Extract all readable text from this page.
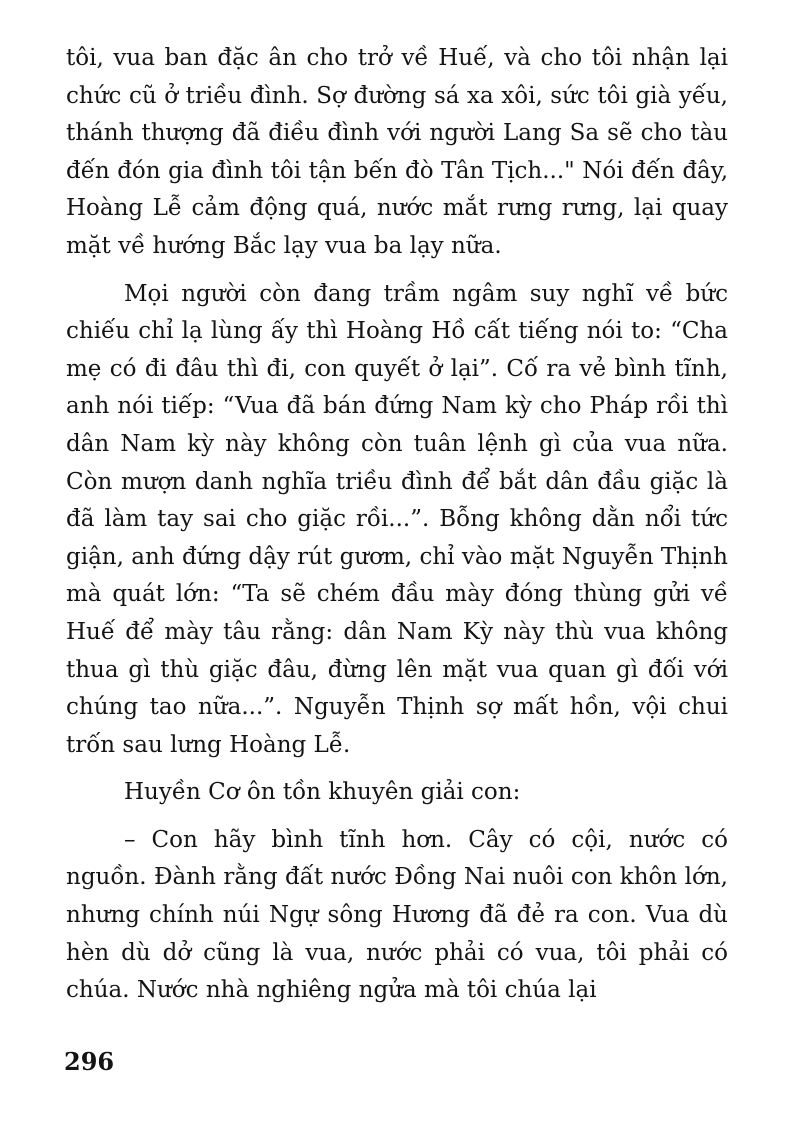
tôi, vua ban đặc ân cho trở về Huế, và cho tôi nhận lại chức cũ ở triều đình. Sợ đường sá xa xôi, sức tôi già yếu, thánh thượng đã điều đình với người Lang Sa sẽ cho tàu đến đón gia đình tôi tận bến đò Tân Tịch..." Nói đến đây, Hoàng Lễ cảm động quá, nước mắt rưng rưng, lại quay mặt về hướng Bắc lạy vua ba lạy nữa.

Mọi người còn đang trầm ngâm suy nghĩ về bức chiếu chỉ lạ lùng ấy thì Hoàng Hồ cất tiếng nói to: “Cha mẹ có đi đâu thì đi, con quyết ở lại”. Cố ra vẻ bình tĩnh, anh nói tiếp: “Vua đã bán đứng Nam kỳ cho Pháp rồi thì dân Nam kỳ này không còn tuân lệnh gì của vua nữa. Còn mượn danh nghĩa triều đình để bắt dân đầu giặc là đã làm tay sai cho giặc rồi...”. Bỗng không dằn nổi tức giận, anh đứng dậy rút gươm, chỉ vào mặt Nguyễn Thịnh mà quát lớn: “Ta sẽ chém đầu mày đóng thùng gửi về Huế để mày tâu rằng: dân Nam Kỳ này thù vua không thua gì thù giặc đâu, đừng lên mặt vua quan gì đối với chúng tao nữa...”. Nguyễn Thịnh sợ mất hồn, vội chui trốn sau lưng Hoàng Lễ.

Huyền Cơ ôn tồn khuyên giải con:

– Con hãy bình tĩnh hơn. Cây có cội, nước có nguồn. Đành rằng đất nước Đồng Nai nuôi con khôn lớn, nhưng chính núi Ngự sông Hương đã đẻ ra con. Vua dù hèn dù dở cũng là vua, nước phải có vua, tôi phải có chúa. Nước nhà nghiêng ngửa mà tôi chúa lại

296
